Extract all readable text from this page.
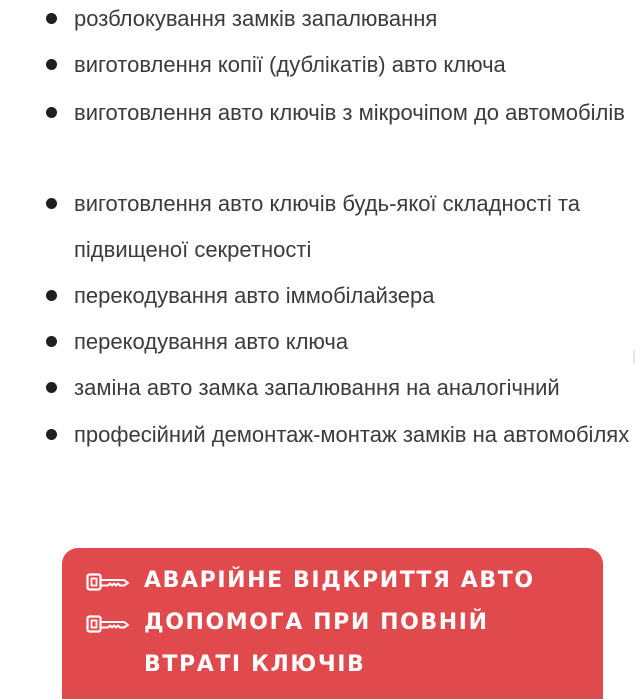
розблокування замків запалювання
виготовлення копії (дублікатів) авто ключа
виготовлення авто ключів з мікрочіпом до автомобілів
виготовлення авто ключів будь-якої складності та підвищеної секретності
перекодування авто іммобілайзера
перекодування авто ключа
заміна авто замка запалювання на аналогічний
професійний демонтаж-монтаж замків на автомобілях
АВАРІЙНЕ ВІДКРИТТЯ АВТО
ДОПОМОГА ПРИ ПОВНІЙ ВТРАТІ КЛЮЧІВ
